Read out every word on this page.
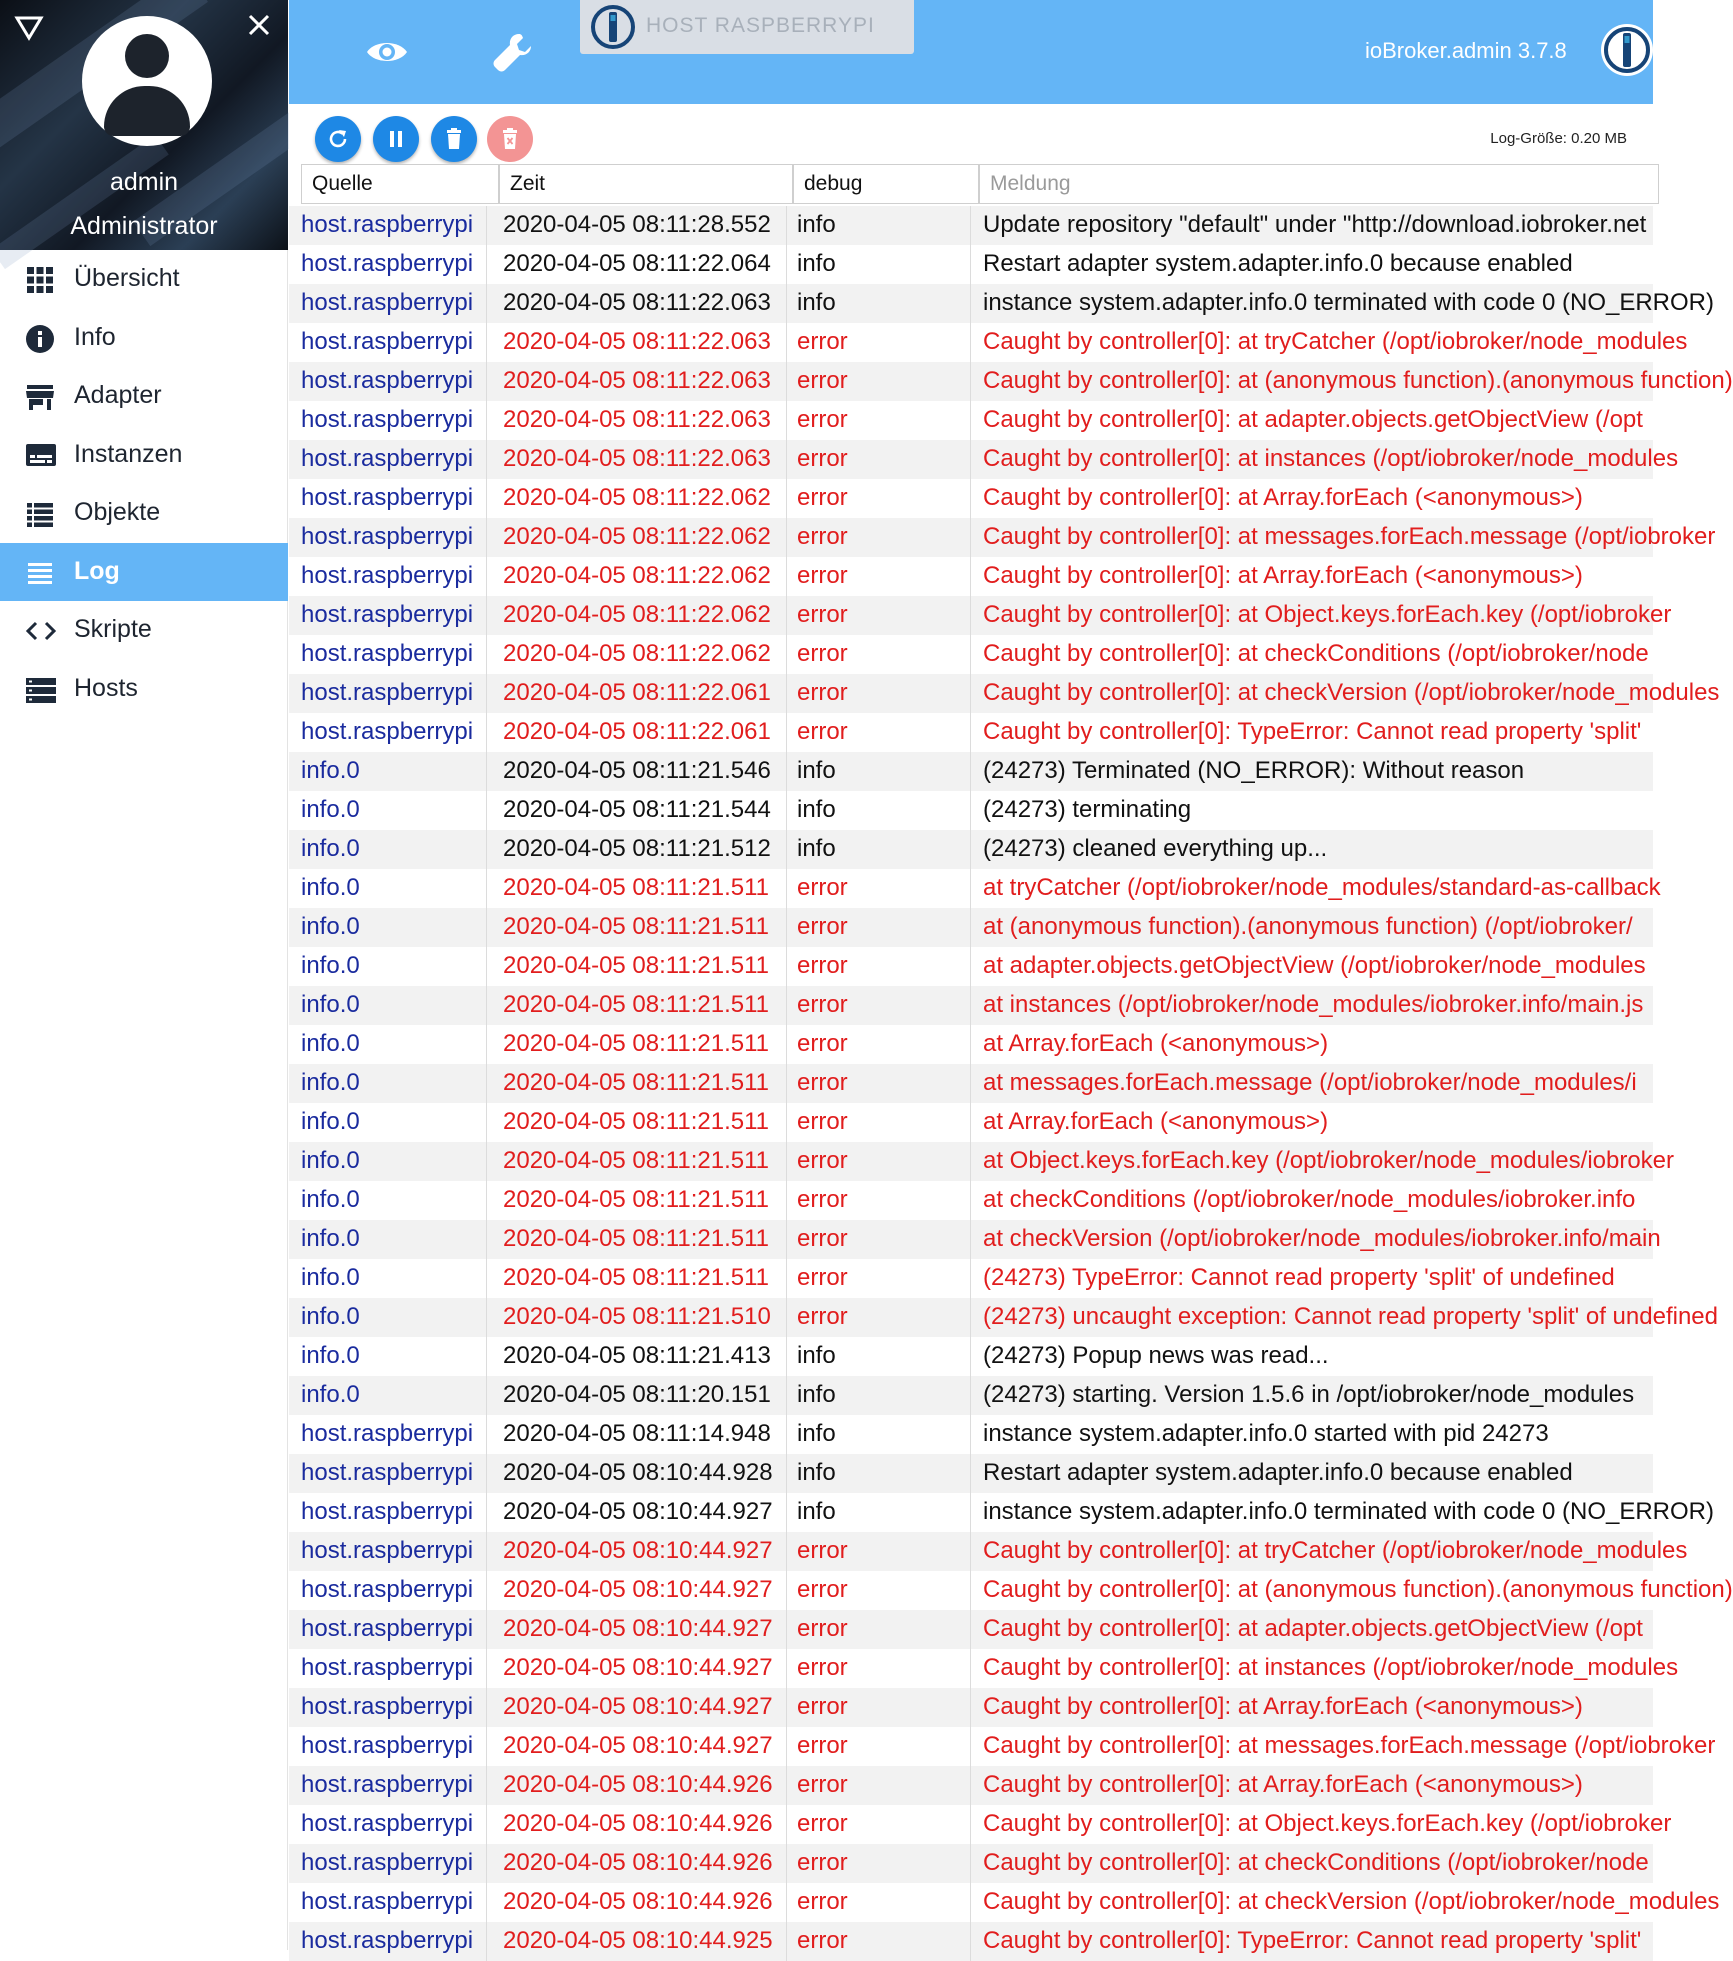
admin
Administrator
Übersicht
Info
Adapter
Instanzen
Objekte
Log
Skripte
Hosts
HOST RASPBERRYPI
ioBroker.admin 3.7.8
Log-Größe: 0.20 MB
Quelle	Zeit	debug	Meldung
host.raspberrypi	2020-04-05 08:11:28.552	info	Update repository "default" under "http://download.iobroker.net
host.raspberrypi	2020-04-05 08:11:22.064	info	Restart adapter system.adapter.info.0 because enabled
host.raspberrypi	2020-04-05 08:11:22.063	info	instance system.adapter.info.0 terminated with code 0 (NO_ERROR)
host.raspberrypi	2020-04-05 08:11:22.063	error	Caught by controller[0]: at tryCatcher (/opt/iobroker/node_modules
host.raspberrypi	2020-04-05 08:11:22.063	error	Caught by controller[0]: at (anonymous function).(anonymous function)
host.raspberrypi	2020-04-05 08:11:22.063	error	Caught by controller[0]: at adapter.objects.getObjectView (/opt
host.raspberrypi	2020-04-05 08:11:22.063	error	Caught by controller[0]: at instances (/opt/iobroker/node_modules
host.raspberrypi	2020-04-05 08:11:22.062	error	Caught by controller[0]: at Array.forEach (<anonymous>)
host.raspberrypi	2020-04-05 08:11:22.062	error	Caught by controller[0]: at messages.forEach.message (/opt/iobroker
host.raspberrypi	2020-04-05 08:11:22.062	error	Caught by controller[0]: at Array.forEach (<anonymous>)
host.raspberrypi	2020-04-05 08:11:22.062	error	Caught by controller[0]: at Object.keys.forEach.key (/opt/iobroker
host.raspberrypi	2020-04-05 08:11:22.062	error	Caught by controller[0]: at checkConditions (/opt/iobroker/node
host.raspberrypi	2020-04-05 08:11:22.061	error	Caught by controller[0]: at checkVersion (/opt/iobroker/node_modules
host.raspberrypi	2020-04-05 08:11:22.061	error	Caught by controller[0]: TypeError: Cannot read property 'split'
info.0	2020-04-05 08:11:21.546	info	(24273) Terminated (NO_ERROR): Without reason
info.0	2020-04-05 08:11:21.544	info	(24273) terminating
info.0	2020-04-05 08:11:21.512	info	(24273) cleaned everything up...
info.0	2020-04-05 08:11:21.511	error	at tryCatcher (/opt/iobroker/node_modules/standard-as-callback
info.0	2020-04-05 08:11:21.511	error	at (anonymous function).(anonymous function) (/opt/iobroker/
info.0	2020-04-05 08:11:21.511	error	at adapter.objects.getObjectView (/opt/iobroker/node_modules
info.0	2020-04-05 08:11:21.511	error	at instances (/opt/iobroker/node_modules/iobroker.info/main.js
info.0	2020-04-05 08:11:21.511	error	at Array.forEach (<anonymous>)
info.0	2020-04-05 08:11:21.511	error	at messages.forEach.message (/opt/iobroker/node_modules/i
info.0	2020-04-05 08:11:21.511	error	at Array.forEach (<anonymous>)
info.0	2020-04-05 08:11:21.511	error	at Object.keys.forEach.key (/opt/iobroker/node_modules/iobroker
info.0	2020-04-05 08:11:21.511	error	at checkConditions (/opt/iobroker/node_modules/iobroker.info
info.0	2020-04-05 08:11:21.511	error	at checkVersion (/opt/iobroker/node_modules/iobroker.info/main
info.0	2020-04-05 08:11:21.511	error	(24273) TypeError: Cannot read property 'split' of undefined
info.0	2020-04-05 08:11:21.510	error	(24273) uncaught exception: Cannot read property 'split' of undefined
info.0	2020-04-05 08:11:21.413	info	(24273) Popup news was read...
info.0	2020-04-05 08:11:20.151	info	(24273) starting. Version 1.5.6 in /opt/iobroker/node_modules
host.raspberrypi	2020-04-05 08:11:14.948	info	instance system.adapter.info.0 started with pid 24273
host.raspberrypi	2020-04-05 08:10:44.928	info	Restart adapter system.adapter.info.0 because enabled
host.raspberrypi	2020-04-05 08:10:44.927	info	instance system.adapter.info.0 terminated with code 0 (NO_ERROR)
host.raspberrypi	2020-04-05 08:10:44.927	error	Caught by controller[0]: at tryCatcher (/opt/iobroker/node_modules
host.raspberrypi	2020-04-05 08:10:44.927	error	Caught by controller[0]: at (anonymous function).(anonymous function)
host.raspberrypi	2020-04-05 08:10:44.927	error	Caught by controller[0]: at adapter.objects.getObjectView (/opt
host.raspberrypi	2020-04-05 08:10:44.927	error	Caught by controller[0]: at instances (/opt/iobroker/node_modules
host.raspberrypi	2020-04-05 08:10:44.927	error	Caught by controller[0]: at Array.forEach (<anonymous>)
host.raspberrypi	2020-04-05 08:10:44.927	error	Caught by controller[0]: at messages.forEach.message (/opt/iobroker
host.raspberrypi	2020-04-05 08:10:44.926	error	Caught by controller[0]: at Array.forEach (<anonymous>)
host.raspberrypi	2020-04-05 08:10:44.926	error	Caught by controller[0]: at Object.keys.forEach.key (/opt/iobroker
host.raspberrypi	2020-04-05 08:10:44.926	error	Caught by controller[0]: at checkConditions (/opt/iobroker/node
host.raspberrypi	2020-04-05 08:10:44.926	error	Caught by controller[0]: at checkVersion (/opt/iobroker/node_modules
host.raspberrypi	2020-04-05 08:10:44.925	error	Caught by controller[0]: TypeError: Cannot read property 'split'
